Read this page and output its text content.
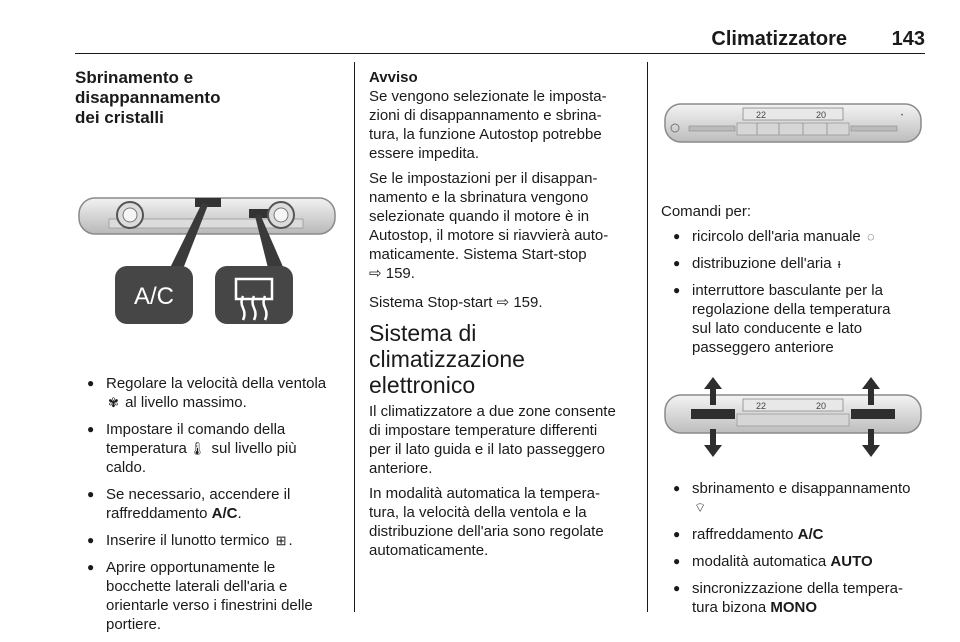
Climatizzatore 143
Sbrinamento e disappannamento
dei cristalli
A/C
● Regolare la velocità della ventola
✾ al livello massimo.
● Impostare il comando della
temperatura 🌡 sul livello più
caldo.
● Se necessario, accendere il
raffreddamento A/C.
● Inserire il lunotto termico ⊞ .
● Aprire opportunamente le
bocchette laterali dell'aria e
orientarle verso i finestrini delle
portiere.
Avviso

Se vengono selezionate le imposta-
zioni di disappannamento e sbrina-
tura, la funzione Autostop potrebbe
essere impedita.

Se le impostazioni per il disappan-
namento e la sbrinatura vengono
selezionate quando il motore è in
Autostop, il motore si riavvierà auto-
maticamente. Sistema Start-stop
⇨ 159.

Sistema Stop-start ⇨ 159.

Sistema di climatizzazione
elettronico

Il climatizzatore a due zone consente
di impostare temperature differenti
per il lato guida e il lato passeggero
anteriore.

In modalità automatica la tempera-
tura, la velocità della ventola e la
distribuzione dell'aria sono regolate
automaticamente.

22	20	•

Comandi per:

● ricircolo dell'aria manuale ◌
● distribuzione dell'aria ᵻ
● interruttore basculante per la
regolazione della temperatura
sul lato conducente e lato
passeggero anteriore
22	20
● sbrinamento e disappannamento
⌔
● raffreddamento A/C
● modalità automatica AUTO
● sincronizzazione della tempera-
tura bizona MONO
